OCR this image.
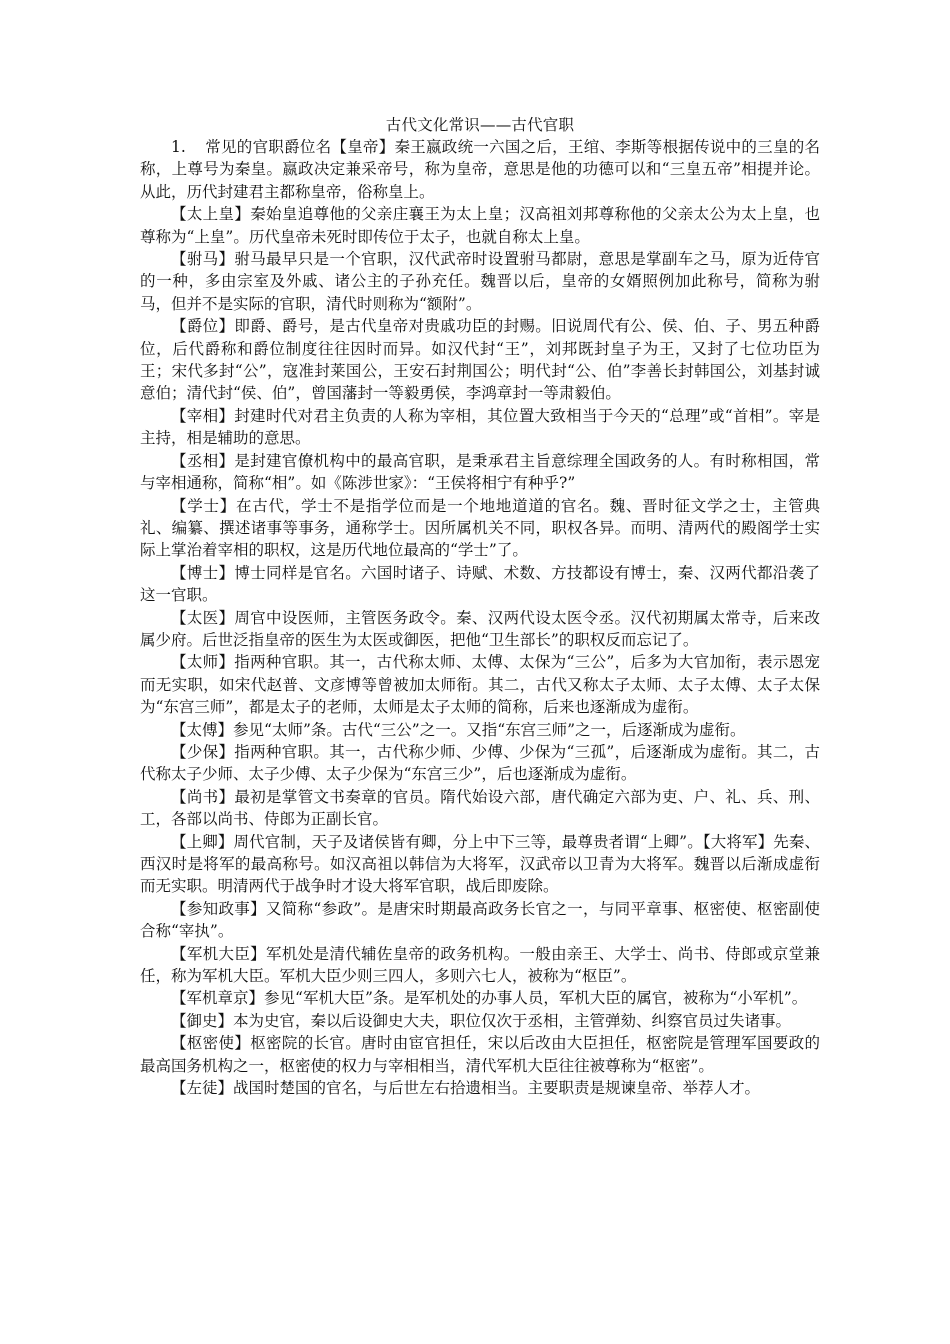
古代文化常识——古代官职

1. 常见的官职爵位名【皇帝】秦王嬴政统一六国之后，王绾、李斯等根据传说中的三皇的名称，上尊号为秦皇。嬴政决定兼采帝号，称为皇帝，意思是他的功德可以和“三皇五帝”相提并论。从此，历代封建君主都称皇帝，俗称皇上。

【太上皇】秦始皇追尊他的父亲庄襄王为太上皇；汉高祖刘邦尊称他的父亲太公为太上皇，也尊称为“上皇”。历代皇帝未死时即传位于太子，也就自称太上皇。

【驸马】驸马最早只是一个官职，汉代武帝时设置驸马都尉，意思是掌副车之马，原为近侍官的一种，多由宗室及外戚、诸公主的子孙充任。魏晋以后，皇帝的女婿照例加此称号，简称为驸马，但并不是实际的官职，清代时则称为“额附”。

【爵位】即爵、爵号，是古代皇帝对贵戚功臣的封赐。旧说周代有公、侯、伯、子、男五种爵位，后代爵称和爵位制度往往因时而异。如汉代封“王”，刘邦既封皇子为王，又封了七位功臣为王；宋代多封“公”，寇准封莱国公，王安石封荆国公；明代封“公、伯”李善长封韩国公，刘基封诚意伯；清代封“侯、伯”，曾国藩封一等毅勇侯，李鸿章封一等肃毅伯。

【宰相】封建时代对君主负责的人称为宰相，其位置大致相当于今天的“总理”或“首相”。宰是主持，相是辅助的意思。

【丞相】是封建官僚机构中的最高官职，是秉承君主旨意综理全国政务的人。有时称相国，常与宰相通称，简称“相”。如《陈涉世家》：“王侯将相宁有种乎?”

【学士】在古代，学士不是指学位而是一个地地道道的官名。魏、晋时征文学之士，主管典礼、编纂、撰述诸事等事务，通称学士。因所属机关不同，职权各异。而明、清两代的殿阁学士实际上掌治着宰相的职权，这是历代地位最高的“学士”了。

【博士】博士同样是官名。六国时诸子、诗赋、术数、方技都设有博士，秦、汉两代都沿袭了这一官职。

【太医】周官中设医师，主管医务政令。秦、汉两代设太医令丞。汉代初期属太常寺，后来改属少府。后世泛指皇帝的医生为太医或御医，把他“卫生部长”的职权反而忘记了。

【太师】指两种官职。其一，古代称太师、太傅、太保为“三公”，后多为大官加衔，表示恩宠而无实职，如宋代赵普、文彦博等曾被加太师衔。其二，古代又称太子太师、太子太傅、太子太保为“东宫三师”，都是太子的老师，太师是太子太师的简称，后来也逐渐成为虚衔。

【太傅】参见“太师”条。古代“三公”之一。又指“东宫三师”之一，后逐渐成为虚衔。

【少保】指两种官职。其一，古代称少师、少傅、少保为“三孤”，后逐渐成为虚衔。其二，古代称太子少师、太子少傅、太子少保为“东宫三少”，后也逐渐成为虚衔。

【尚书】最初是掌管文书奏章的官员。隋代始设六部，唐代确定六部为吏、户、礼、兵、刑、工，各部以尚书、侍郎为正副长官。

【上卿】周代官制，天子及诸侯皆有卿，分上中下三等，最尊贵者谓“上卿”。【大将军】先秦、西汉时是将军的最高称号。如汉高祖以韩信为大将军，汉武帝以卫青为大将军。魏晋以后渐成虚衔而无实职。明清两代于战争时才设大将军官职，战后即废除。

【参知政事】又简称“参政”。是唐宋时期最高政务长官之一，与同平章事、枢密使、枢密副使合称“宰执”。

【军机大臣】军机处是清代辅佐皇帝的政务机构。一般由亲王、大学士、尚书、侍郎或京堂兼任，称为军机大臣。军机大臣少则三四人，多则六七人，被称为“枢臣”。

【军机章京】参见“军机大臣”条。是军机处的办事人员，军机大臣的属官，被称为“小军机”。

【御史】本为史官，秦以后设御史大夫，职位仅次于丞相，主管弹劾、纠察官员过失诸事。

【枢密使】枢密院的长官。唐时由宦官担任，宋以后改由大臣担任，枢密院是管理军国要政的最高国务机构之一，枢密使的权力与宰相相当，清代军机大臣往往被尊称为“枢密”。

【左徒】战国时楚国的官名，与后世左右拾遗相当。主要职责是规谏皇帝、举荐人才。
